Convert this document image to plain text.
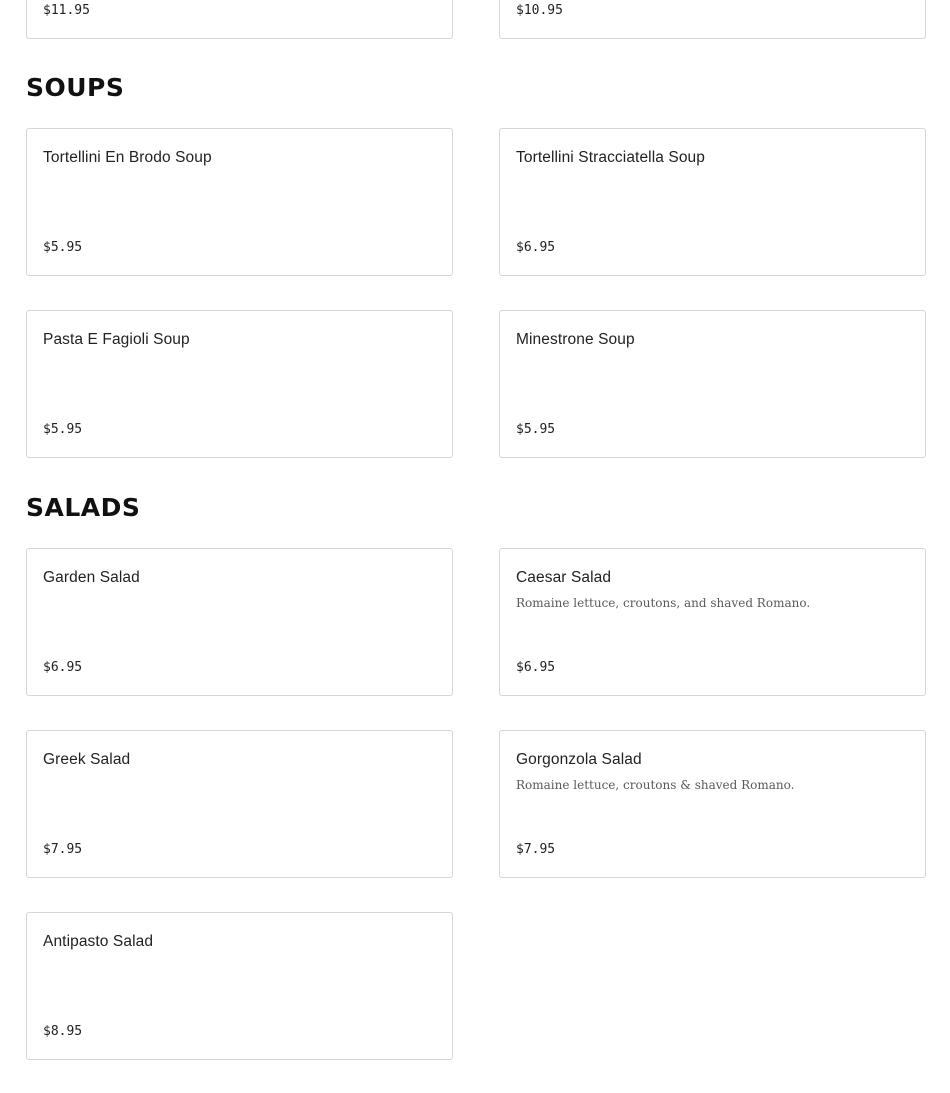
$11.95	$10.95
SOUPS
Tortellini En Brodo Soup
$5.95
Tortellini Stracciatella Soup
$6.95
Pasta E Fagioli Soup
$5.95
Minestrone Soup
$5.95
SALADS
Garden Salad
$6.95
Caesar Salad
Romaine lettuce, croutons, and shaved Romano.
$6.95
Greek Salad
$7.95
Gorgonzola Salad
Romaine lettuce, croutons & shaved Romano.
$7.95
Antipasto Salad
$8.95
